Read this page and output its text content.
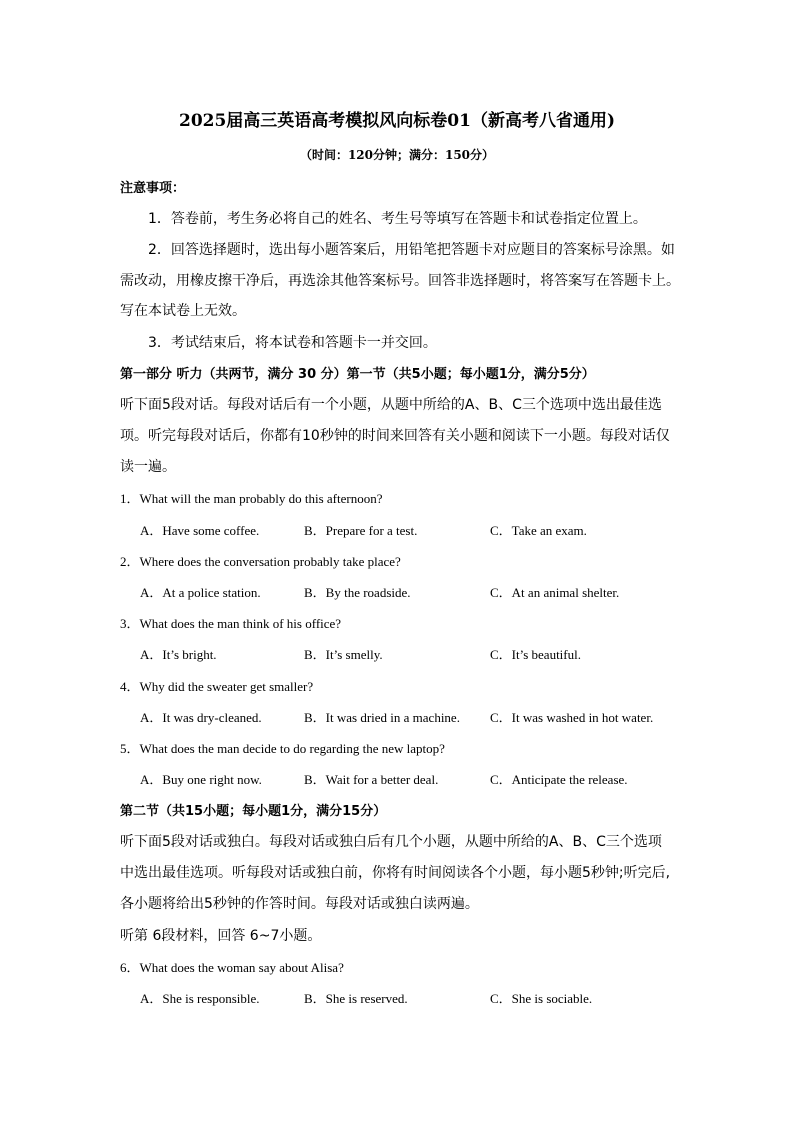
2025届高三英语高考模拟风向标卷01（新高考八省通用)
（时间：120分钟；满分：150分）
注意事项：
1．答卷前，考生务必将自己的姓名、考生号等填写在答题卡和试卷指定位置上。
2．回答选择题时，选出每小题答案后，用铅笔把答题卡对应题目的答案标号涂黑。如
需改动，用橡皮擦干净后，再选涂其他答案标号。回答非选择题时，将答案写在答题卡上。
写在本试卷上无效。
3．考试结束后，将本试卷和答题卡一并交回。
第一部分 听力（共两节，满分 30 分）第一节（共5小题；每小题1分，满分5分）
听下面5段对话。每段对话后有一个小题，从题中所给的A、B、C三个选项中选出最佳选
项。听完每段对话后，你都有10秒钟的时间来回答有关小题和阅读下一小题。每段对话仅
读一遍。
1．What will the man probably do this afternoon?
A．Have some coffee.	B．Prepare for a test.	C．Take an exam.
2．Where does the conversation probably take place?
A．At a police station.	B．By the roadside.	C．At an animal shelter.
3．What does the man think of his office?
A．It’s bright.	B．It’s smelly.	C．It’s beautiful.
4．Why did the sweater get smaller?
A．It was dry-cleaned.	B．It was dried in a machine. C．It was washed in hot water.
5．What does the man decide to do regarding the new laptop?
A．Buy one right now.	B．Wait for a better deal.	C．Anticipate the release.
第二节（共15小题；每小题1分，满分15分）
听下面5段对话或独白。每段对话或独白后有几个小题，从题中所给的A、B、C三个选项
中选出最佳选项。听每段对话或独白前，你将有时间阅读各个小题，每小题5秒钟;听完后,
各小题将给出5秒钟的作答时间。每段对话或独白读两遍。
听第 6段材料，回答 6~7小题。
6．What does the woman say about Alisa?
A．She is responsible.	B．She is reserved.	C．She is sociable.
